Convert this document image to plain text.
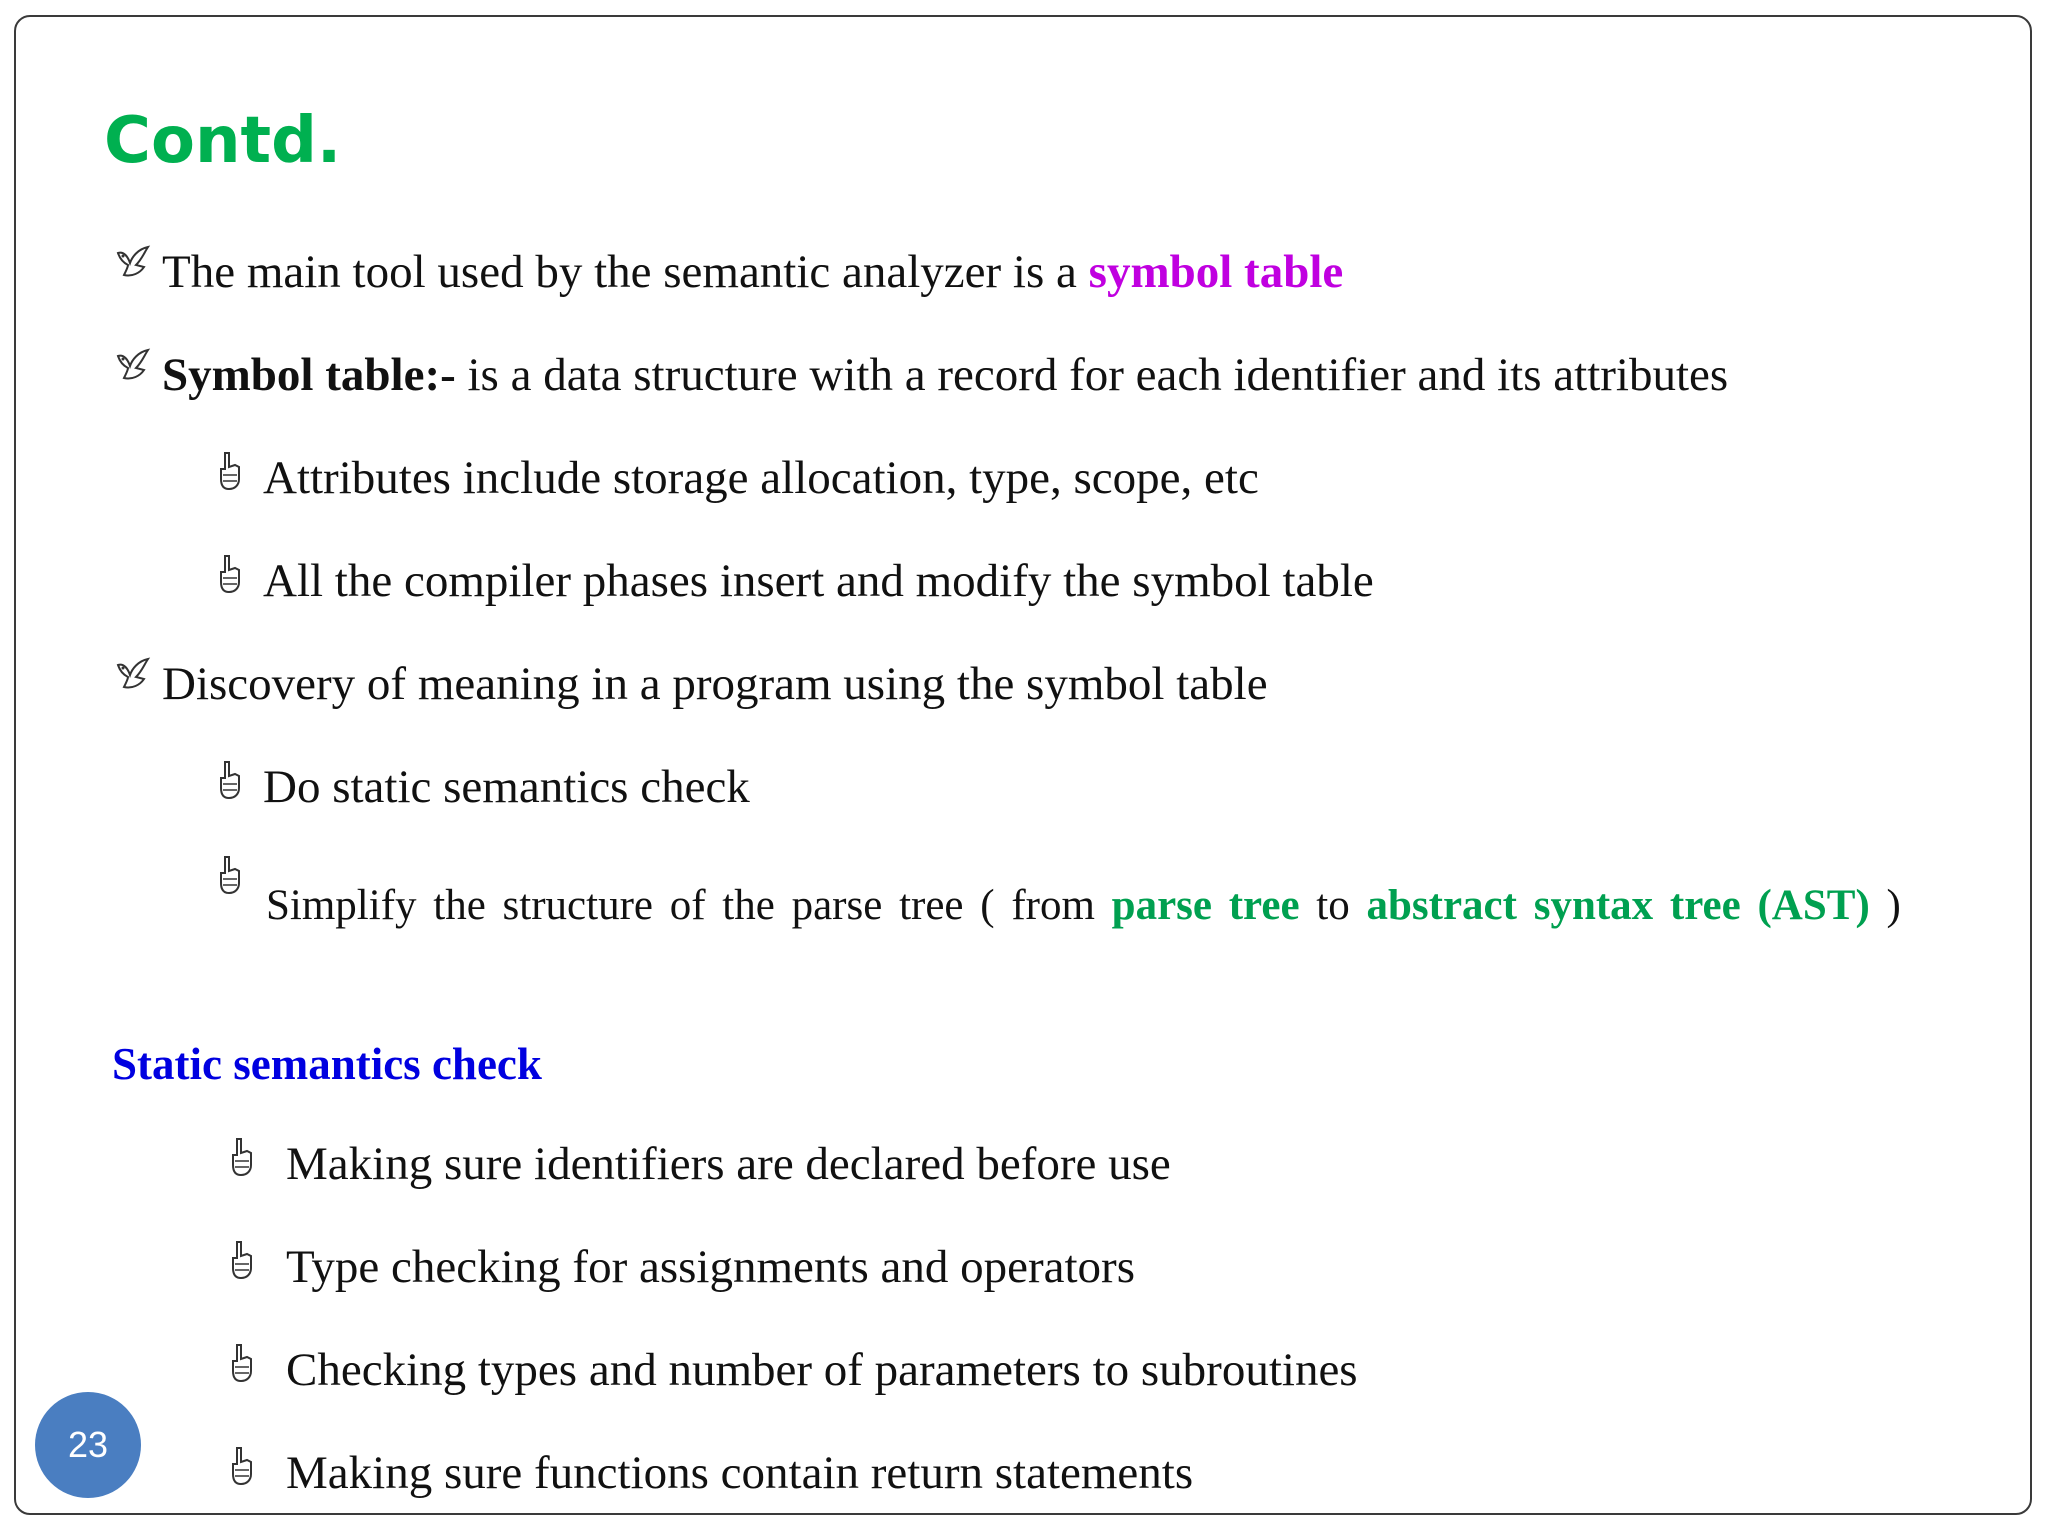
Contd.
The main tool used by the semantic analyzer is a symbol table
Symbol table:- is a data structure with a record for each identifier and its attributes
Attributes include storage allocation, type, scope, etc
All the compiler phases insert and modify the symbol table
Discovery of meaning in a program using the symbol table
Do static semantics check
Simplify the structure of the parse tree ( from parse tree to abstract syntax tree (AST) )
Static semantics check
Making sure identifiers are declared before use
Type checking for assignments and operators
Checking types and number of parameters to subroutines
Making sure functions contain return statements
23
